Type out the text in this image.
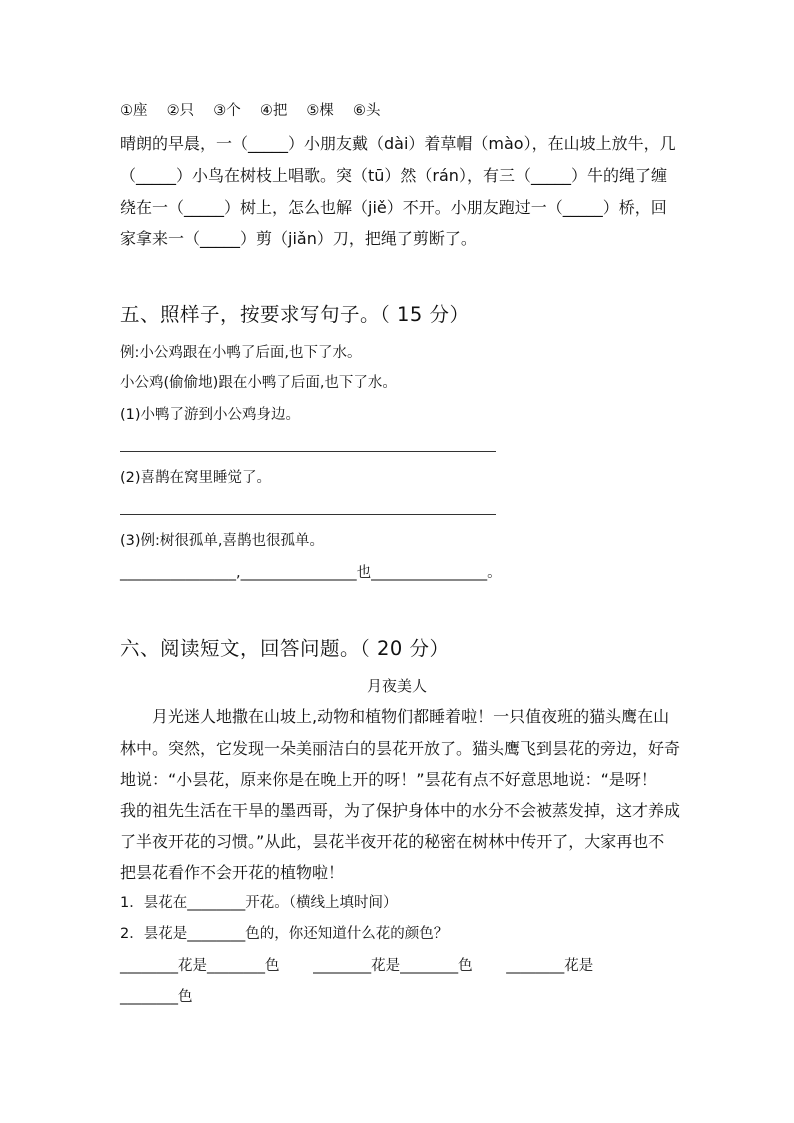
①座　 ②只　 ③个　 ④把　 ⑤棵　 ⑥头
晴朗的早晨，一（_____）小朋友戴（dài）着草帽（mào），在山坡上放牛，几
（_____）小鸟在树枝上唱歌。突（tū）然（rán），有三（_____）牛的绳了缠
绕在一（_____）树上，怎么也解（jiě）不开。小朋友跑过一（_____）桥，回
家拿来一（_____）剪（jiǎn）刀，把绳了剪断了。
五、照样子，按要求写句子。（ 15 分）
例:小公鸡跟在小鸭了后面,也下了水。
小公鸡(偷偷地)跟在小鸭了后面,也下了水。
(1)小鸭了游到小公鸡身边。
(2)喜鹊在窝里睡觉了。
(3)例:树很孤单,喜鹊也很孤单。
________________,________________也________________。
六、阅读短文，回答问题。（ 20 分）
月夜美人
　　月光迷人地撒在山坡上,动物和植物们都睡着啦！一只值夜班的猫头鹰在山
林中。突然，它发现一朵美丽洁白的昙花开放了。猫头鹰飞到昙花的旁边，好奇
地说：“小昙花，原来你是在晚上开的呀！”昙花有点不好意思地说：“是呀！
我的祖先生活在干旱的墨西哥，为了保护身体中的水分不会被蒸发掉，这才养成
了半夜开花的习惯。”从此，昙花半夜开花的秘密在树林中传开了，大家再也不
把昙花看作不会开花的植物啦！
1．昙花在________开花。（横线上填时间）
2．昙花是________色的，你还知道什么花的颜色？
________花是________色　　 ________花是________色　　 ________花是
________色
